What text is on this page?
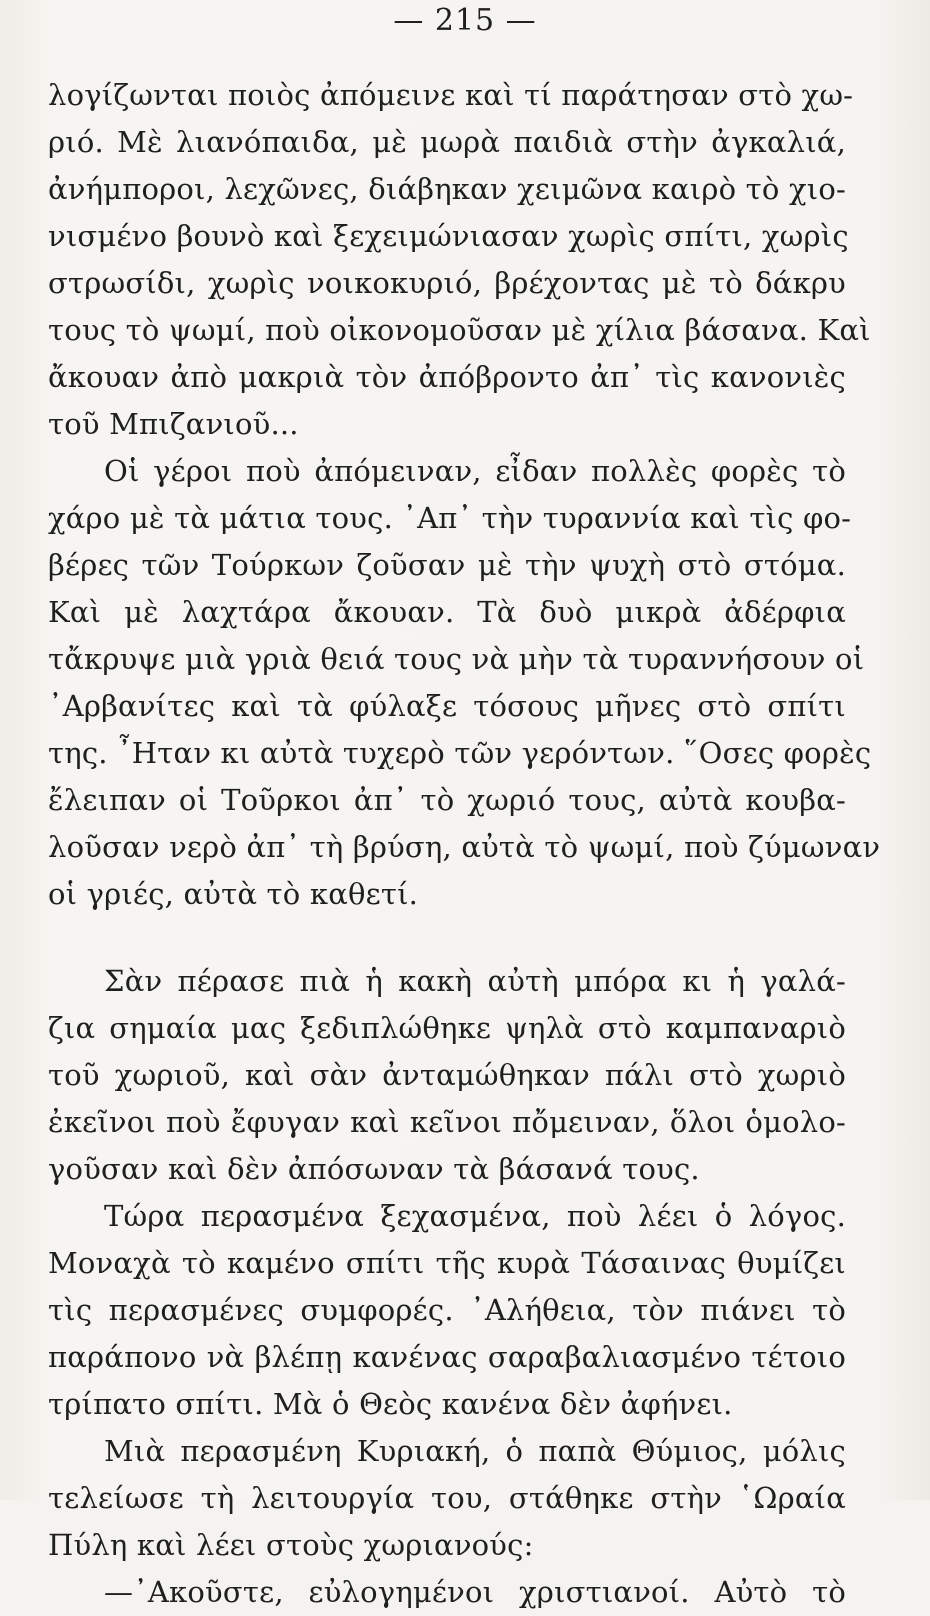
— 215 —
λογίζωνται ποιὸς ἀπόμεινε καὶ τί παράτησαν στὸ χω-
ριό. Μὲ λιανόπαιδα, μὲ μωρὰ παιδιὰ στὴν ἀγκαλιά,
ἀνήμποροι, λεχῶνες, διάβηκαν χειμῶνα καιρὸ τὸ χιο-
νισμένο βουνὸ καὶ ξεχειμώνιασαν χωρὶς σπίτι, χωρὶς
στρωσίδι, χωρὶς νοικοκυριό, βρέχοντας μὲ τὸ δάκρυ
τους τὸ ψωμί, ποὺ οἰκονομοῦσαν μὲ χίλια βάσανα. Καὶ
ἄκουαν ἀπὸ μακριὰ τὸν ἀπόβροντο ἀπ᾿ τὶς κανονιὲς
τοῦ Μπιζανιοῦ...
Οἱ γέροι ποὺ ἀπόμειναν, εἶδαν πολλὲς φορὲς τὸ
χάρο μὲ τὰ μάτια τους. ᾿Απ᾿ τὴν τυραννία καὶ τὶς φο-
βέρες τῶν Τούρκων ζοῦσαν μὲ τὴν ψυχὴ στὸ στόμα.
Καὶ μὲ λαχτάρα ἄκουαν. Τὰ δυὸ μικρὰ ἀδέρφια
τἄκρυψε μιὰ γριὰ θειά τους νὰ μὴν τὰ τυραννήσουν οἱ
᾿Αρβανίτες καὶ τὰ φύλαξε τόσους μῆνες στὸ σπίτι
της. ῏Ηταν κι αὐτὰ τυχερὸ τῶν γερόντων. ῞Οσες φορὲς
ἔλειπαν οἱ Τοῦρκοι ἀπ᾿ τὸ χωριό τους, αὐτὰ κουβα-
λοῦσαν νερὸ ἀπ᾿ τὴ βρύση, αὐτὰ τὸ ψωμί, ποὺ ζύμωναν
οἱ γριές, αὐτὰ τὸ καθετί.
Σὰν πέρασε πιὰ ἡ κακὴ αὐτὴ μπόρα κι ἡ γαλά-
ζια σημαία μας ξεδιπλώθηκε ψηλὰ στὸ καμπαναριὸ
τοῦ χωριοῦ, καὶ σὰν ἀνταμώθηκαν πάλι στὸ χωριὸ
ἐκεῖνοι ποὺ ἔφυγαν καὶ κεῖνοι πὄμειναν, ὅλοι ὁμολο-
γοῦσαν καὶ δὲν ἀπόσωναν τὰ βάσανά τους.
Τώρα περασμένα ξεχασμένα, ποὺ λέει ὁ λόγος.
Μοναχὰ τὸ καμένο σπίτι τῆς κυρὰ Τάσαινας θυμίζει
τὶς περασμένες συμφορές. ᾿Αλήθεια, τὸν πιάνει τὸ
παράπονο νὰ βλέπῃ κανένας σαραβαλιασμένο τέτοιο
τρίπατο σπίτι. Μὰ ὁ Θεὸς κανένα δὲν ἀφήνει.
Μιὰ περασμένη Κυριακή, ὁ παπὰ Θύμιος, μόλις
τελείωσε τὴ λειτουργία του, στάθηκε στὴν ῾Ωραία
Πύλη καὶ λέει στοὺς χωριανούς:
—᾿Ακοῦστε, εὐλογημένοι χριστιανοί. Αὐτὸ τὸ
